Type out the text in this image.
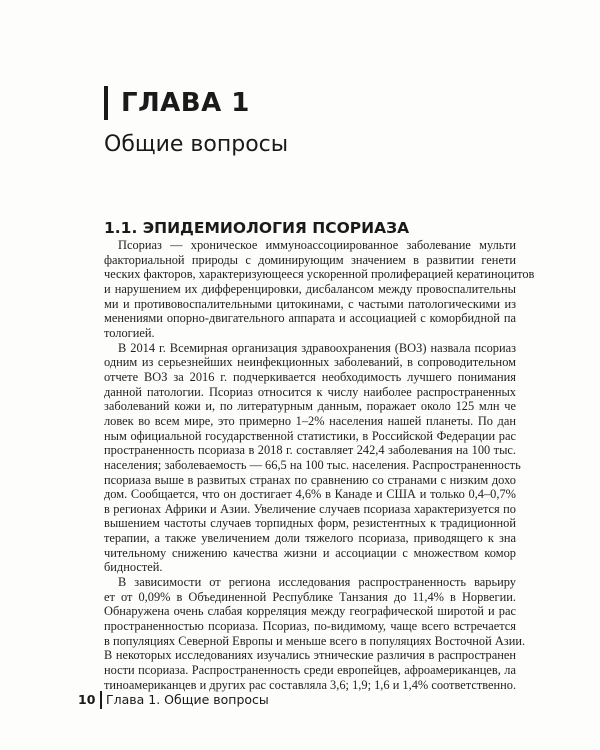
ГЛАВА 1
Общие вопросы
1.1. ЭПИДЕМИОЛОГИЯ ПСОРИАЗА

Псориаз — хроническое иммуноассоциированное заболевание мульти
факториальной природы с доминирующим значением в развитии генети
ческих факторов, характеризующееся ускоренной пролиферацией кератиноцитов
и нарушением их дифференцировки, дисбалансом между провоспалительны
ми и противовоспалительными цитокинами, с частыми патологическими из
менениями опорно-двигательного аппарата и ассоциацией с коморбидной па
тологией.

В 2014 г. Всемирная организация здравоохранения (ВОЗ) назвала псориаз
одним из серьезнейших неинфекционных заболеваний, в сопроводительном
отчете ВОЗ за 2016 г. подчеркивается необходимость лучшего понимания
данной патологии. Псориаз относится к числу наиболее распространенных
заболеваний кожи и, по литературным данным, поражает около 125 млн че
ловек во всем мире, это примерно 1–2% населения нашей планеты. По дан
ным официальной государственной статистики, в Российской Федерации рас
пространенность псориаза в 2018 г. составляет 242,4 заболевания на 100 тыс.
населения; заболеваемость — 66,5 на 100 тыс. населения. Распространенность
псориаза выше в развитых странах по сравнению со странами с низким дохо
дом. Сообщается, что он достигает 4,6% в Канаде и США и только 0,4–0,7%
в регионах Африки и Азии. Увеличение случаев псориаза характеризуется по
вышением частоты случаев торпидных форм, резистентных к традиционной
терапии, а также увеличением доли тяжелого псориаза, приводящего к зна
чительному снижению качества жизни и ассоциации с множеством комор
бидностей.

В зависимости от региона исследования распространенность варьиру
ет от 0,09% в Объединенной Республике Танзания до 11,4% в Норвегии.
Обнаружена очень слабая корреляция между географической широтой и рас
пространенностью псориаза. Псориаз, по-видимому, чаще всего встречается
в популяциях Северной Европы и меньше всего в популяциях Восточной Азии.
В некоторых исследованиях изучались этнические различия в распространен
ности псориаза. Распространенность среди европейцев, афроамериканцев, ла
тиноамериканцев и других рас составляла 3,6; 1,9; 1,6 и 1,4% соответственно.

10 Глава 1. Общие вопросы
